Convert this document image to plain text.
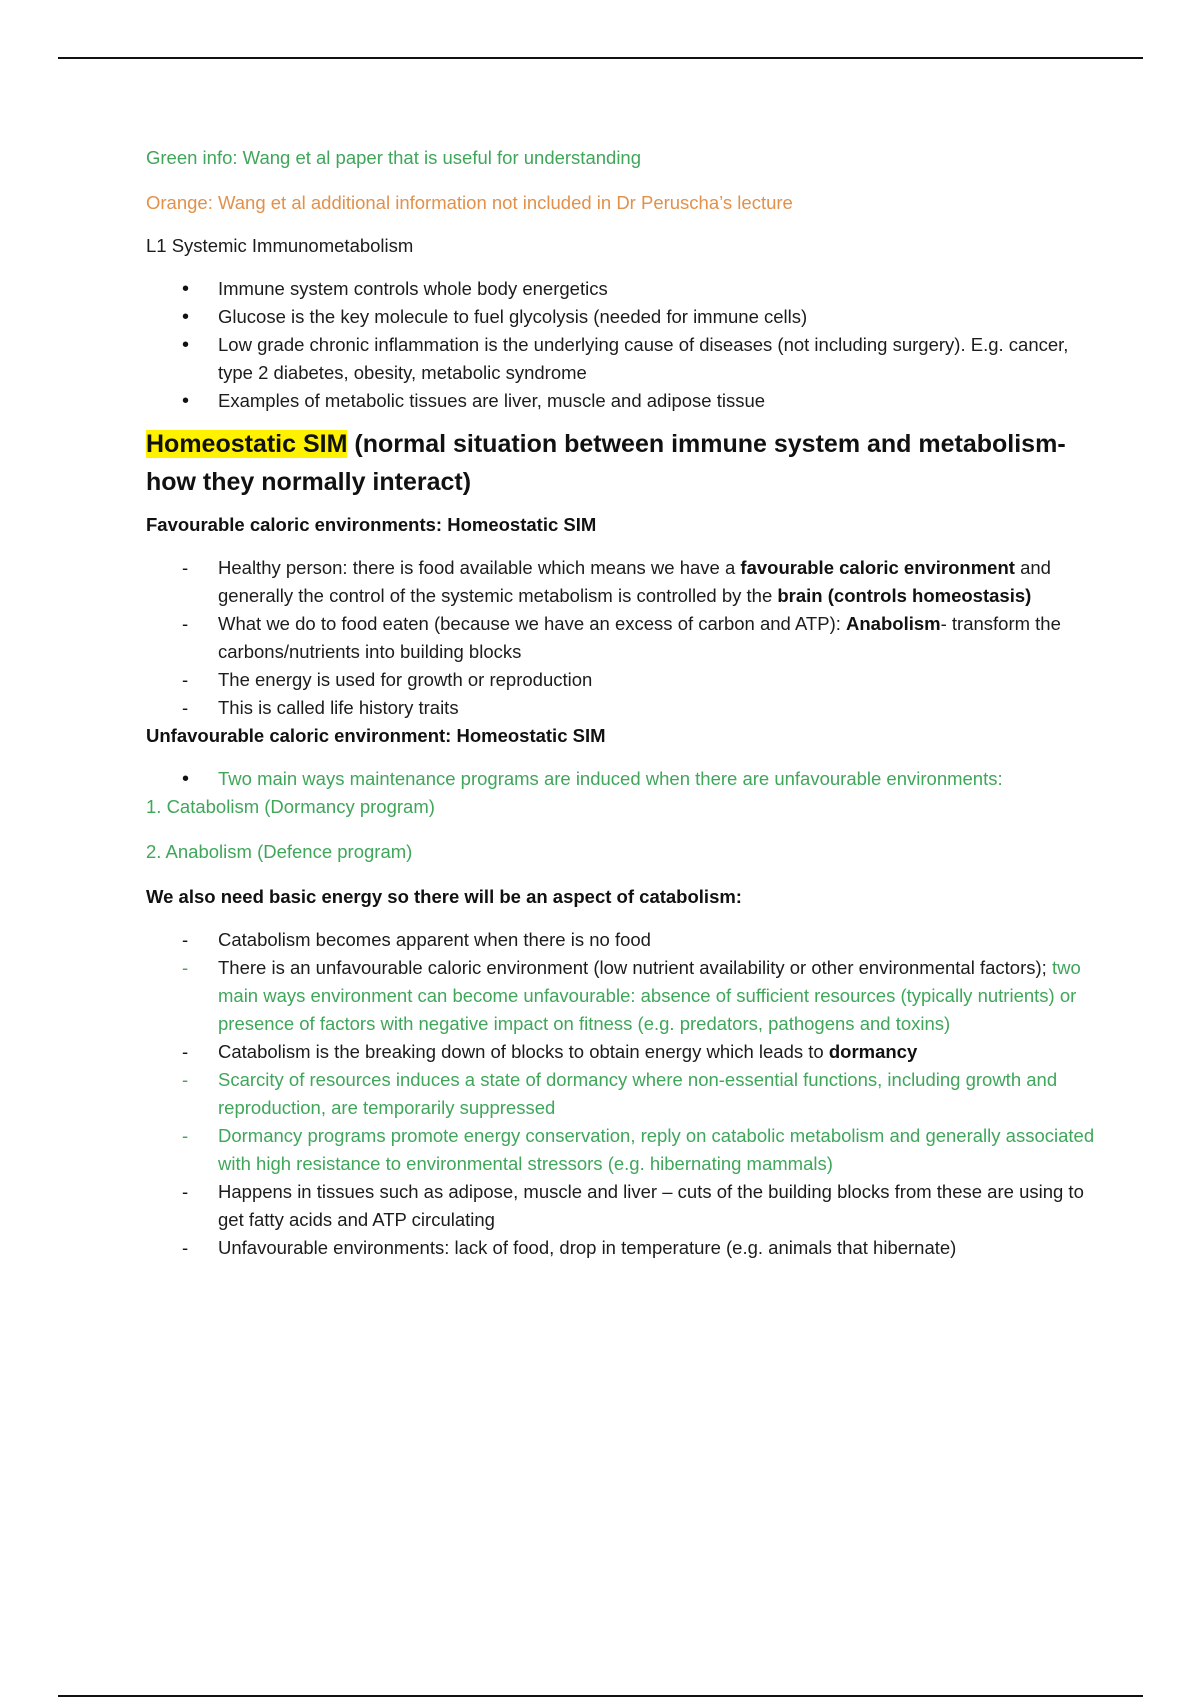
Green info: Wang et al paper that is useful for understanding

Orange: Wang et al additional information not included in Dr Peruscha’s lecture

L1 Systemic Immunometabolism

• Immune system controls whole body energetics
• Glucose is the key molecule to fuel glycolysis (needed for immune cells)
• Low grade chronic inflammation is the underlying cause of diseases (not including surgery). E.g. cancer, type 2 diabetes, obesity, metabolic syndrome
• Examples of metabolic tissues are liver, muscle and adipose tissue
Homeostatic SIM (normal situation between immune system and metabolism- how they normally interact)

Favourable caloric environments: Homeostatic SIM

- Healthy person: there is food available which means we have a favourable caloric environment and generally the control of the systemic metabolism is controlled by the brain (controls homeostasis)
- What we do to food eaten (because we have an excess of carbon and ATP): Anabolism- transform the carbons/nutrients into building blocks
- The energy is used for growth or reproduction
- This is called life history traits

Unfavourable caloric environment: Homeostatic SIM

• Two main ways maintenance programs are induced when there are unfavourable environments:

1. Catabolism (Dormancy program)

2. Anabolism (Defence program)

We also need basic energy so there will be an aspect of catabolism:

- Catabolism becomes apparent when there is no food
- There is an unfavourable caloric environment (low nutrient availability or other environmental factors); two main ways environment can become unfavourable: absence of sufficient resources (typically nutrients) or presence of factors with negative impact on fitness (e.g. predators, pathogens and toxins)
- Catabolism is the breaking down of blocks to obtain energy which leads to dormancy
- Scarcity of resources induces a state of dormancy where non-essential functions, including growth and reproduction, are temporarily suppressed
- Dormancy programs promote energy conservation, reply on catabolic metabolism and generally associated with high resistance to environmental stressors (e.g. hibernating mammals)
- Happens in tissues such as adipose, muscle and liver – cuts of the building blocks from these are using to get fatty acids and ATP circulating
- Unfavourable environments: lack of food, drop in temperature (e.g. animals that hibernate)
